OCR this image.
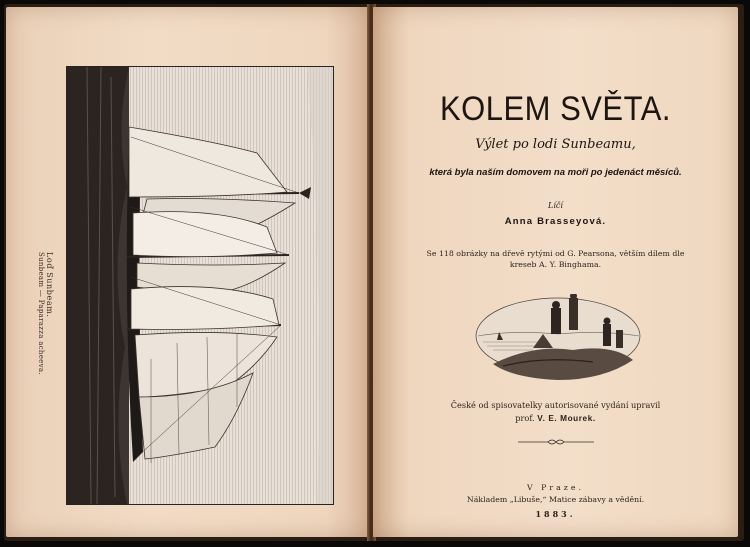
Loď Sunbeam.
Sunbeam — Paparazza acheeva.
KOLEM SVĚTA.
Výlet po lodi Sunbeamu,
která byla naším domovem na moři po jedenáct měsíců.
Líčí
Anna Brasseyová.
Se 118 obrázky na dřevě rytými od G. Pearsona, větším dílem dle kreseb A. Y. Binghama.
České od spisovatelky autorisované vydání upravil
prof. V. E. Mourek.
V Praze.
Nákladem „Libuše,“ Matice zábavy a vědění.
1883.
